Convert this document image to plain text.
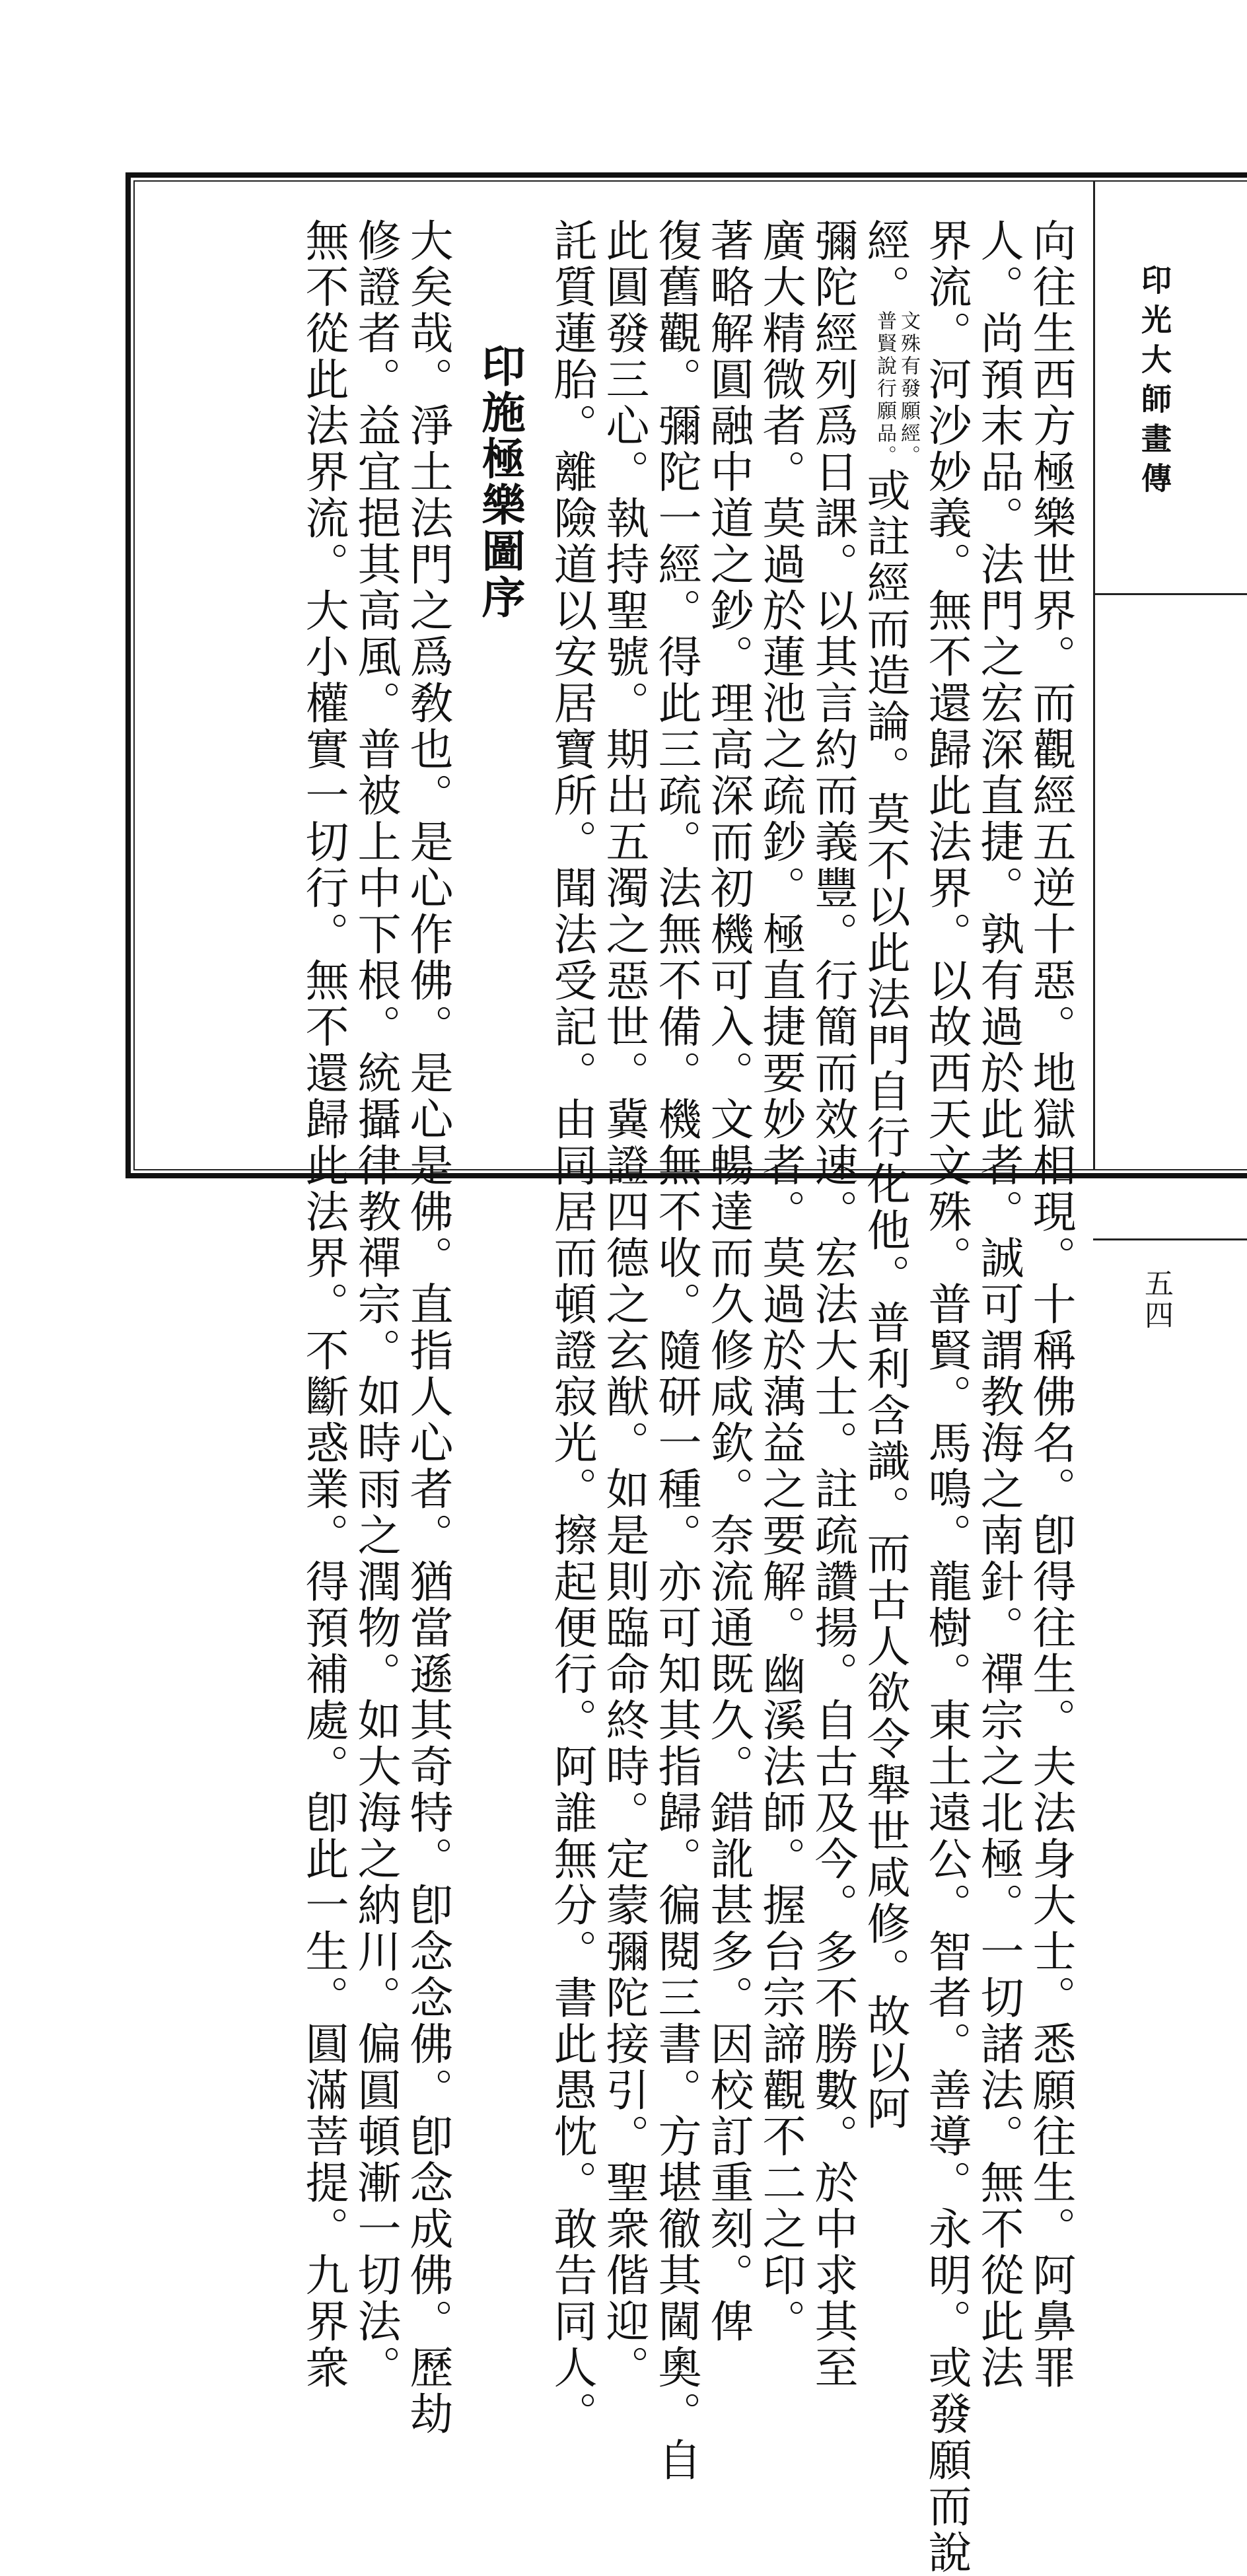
印光大師畫傳
五四
向往生西方極樂世界。而觀經五逆十惡。地獄相現。十稱佛名。卽得往生。夫法身大士。悉願往生。阿鼻罪
人。尚預末品。法門之宏深直捷。孰有過於此者。誠可謂教海之南針。禪宗之北極。一切諸法。無不從此法
界流。河沙妙義。無不還歸此法界。以故西天文殊。普賢。馬鳴。龍樹。東土遠公。智者。善導。永明。或發願而說
經。
文殊有發願經。
普賢說行願品。
或註經而造論。莫不以此法門自行化他。普利含識。而古人欲令舉世咸修。故以阿
彌陀經列爲日課。以其言約而義豐。行簡而效速。宏法大士。註疏讚揚。自古及今。多不勝數。於中求其至
廣大精微者。莫過於蓮池之疏鈔。極直捷要妙者。莫過於蕅益之要解。幽溪法師。握台宗諦觀不二之印。
著略解圓融中道之鈔。理高深而初機可入。文暢達而久修咸欽。奈流通既久。錯訛甚多。因校訂重刻。俾
復舊觀。彌陀一經。得此三疏。法無不備。機無不收。隨研一種。亦可知其指歸。徧閱三書。方堪徹其閫奧。自
此圓發三心。執持聖號。期出五濁之惡世。冀證四德之玄猷。如是則臨命終時。定蒙彌陀接引。聖衆偕迎。
託質蓮胎。離險道以安居寶所。聞法受記。由同居而頓證寂光。擦起便行。阿誰無分。書此愚忱。敢告同人。
印施極樂圖序
大矣哉。淨土法門之爲敎也。是心作佛。是心是佛。直指人心者。猶當遜其奇特。卽念念佛。卽念成佛。歷劫
修證者。益宜挹其高風。普被上中下根。統攝律教禪宗。如時雨之潤物。如大海之納川。偏圓頓漸一切法。
無不從此法界流。大小權實一切行。無不還歸此法界。不斷惑業。得預補處。卽此一生。圓滿菩提。九界衆
